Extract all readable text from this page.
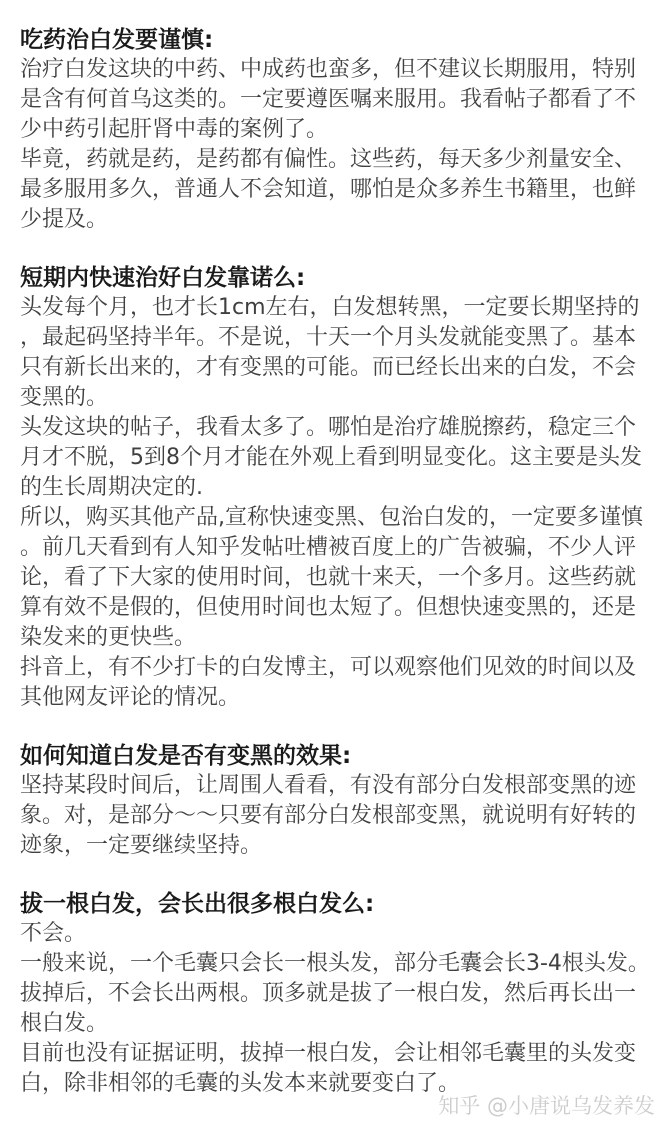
吃药治白发要谨慎:

治疗白发这块的中药、中成药也蛮多，但不建议长期服用，特别是含有何首乌这类的。一定要遵医嘱来服用。我看帖子都看了不少中药引起肝肾中毒的案例了。

毕竟，药就是药，是药都有偏性。这些药，每天多少剂量安全、最多服用多久，普通人不会知道，哪怕是众多养生书籍里，也鲜少提及。

短期内快速治好白发靠诺么:

头发每个月，也才长1cm左右，白发想转黑，一定要长期坚持的，最起码坚持半年。不是说，十天一个月头发就能变黑了。基本只有新长出来的，才有变黑的可能。而已经长出来的白发，不会变黑的。

头发这块的帖子，我看太多了。哪怕是治疗雄脱擦药，稳定三个月才不脱，5到8个月才能在外观上看到明显变化。这主要是头发的生长周期决定的.

所以，购买其他产品,宣称快速变黑、包治白发的，一定要多谨慎。前几天看到有人知乎发帖吐槽被百度上的广告被骗，不少人评论，看了下大家的使用时间，也就十来天，一个多月。这些药就算有效不是假的，但使用时间也太短了。但想快速变黑的，还是染发来的更快些。

抖音上，有不少打卡的白发博主，可以观察他们见效的时间以及其他网友评论的情况。

如何知道白发是否有变黑的效果:

坚持某段时间后，让周围人看看，有没有部分白发根部变黑的迹象。对，是部分～～只要有部分白发根部变黑，就说明有好转的迹象，一定要继续坚持。

拔一根白发，会长出很多根白发么:

不会。

一般来说，一个毛囊只会长一根头发，部分毛囊会长3-4根头发。拔掉后，不会长出两根。顶多就是拔了一根白发，然后再长出一根白发。

目前也没有证据证明，拔掉一根白发，会让相邻毛囊里的头发变白，除非相邻的毛囊的头发本来就要变白了。

知乎 @小唐说乌发养发
